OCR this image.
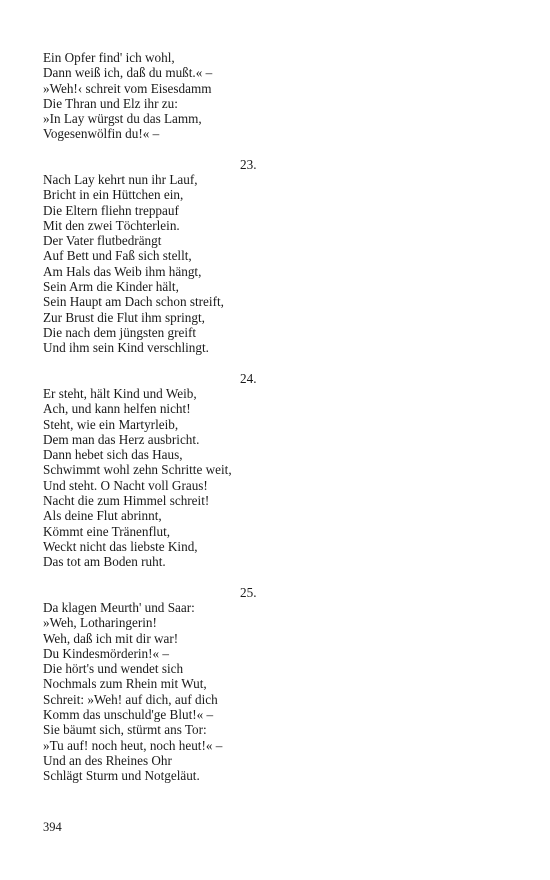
Ein Opfer find' ich wohl,
Dann weiß ich, daß du mußt.« –
»Weh!‹ schreit vom Eisesdamm
Die Thran und Elz ihr zu:
»In Lay würgst du das Lamm,
Vogesenwölfin du!« –
23.
Nach Lay kehrt nun ihr Lauf,
Bricht in ein Hüttchen ein,
Die Eltern fliehn treppauf
Mit den zwei Töchterlein.
Der Vater flutbedrängt
Auf Bett und Faß sich stellt,
Am Hals das Weib ihm hängt,
Sein Arm die Kinder hält,
Sein Haupt am Dach schon streift,
Zur Brust die Flut ihm springt,
Die nach dem jüngsten greift
Und ihm sein Kind verschlingt.
24.
Er steht, hält Kind und Weib,
Ach, und kann helfen nicht!
Steht, wie ein Martyrleib,
Dem man das Herz ausbricht.
Dann hebet sich das Haus,
Schwimmt wohl zehn Schritte weit,
Und steht. O Nacht voll Graus!
Nacht die zum Himmel schreit!
Als deine Flut abrinnt,
Kömmt eine Tränenflut,
Weckt nicht das liebste Kind,
Das tot am Boden ruht.
25.
Da klagen Meurth' und Saar:
»Weh, Lotharingerin!
Weh, daß ich mit dir war!
Du Kindesmörderin!« –
Die hört's und wendet sich
Nochmals zum Rhein mit Wut,
Schreit: »Weh! auf dich, auf dich
Komm das unschuld'ge Blut!« –
Sie bäumt sich, stürmt ans Tor:
»Tu auf! noch heut, noch heut!« –
Und an des Rheines Ohr
Schlägt Sturm und Notgeläut.
394
